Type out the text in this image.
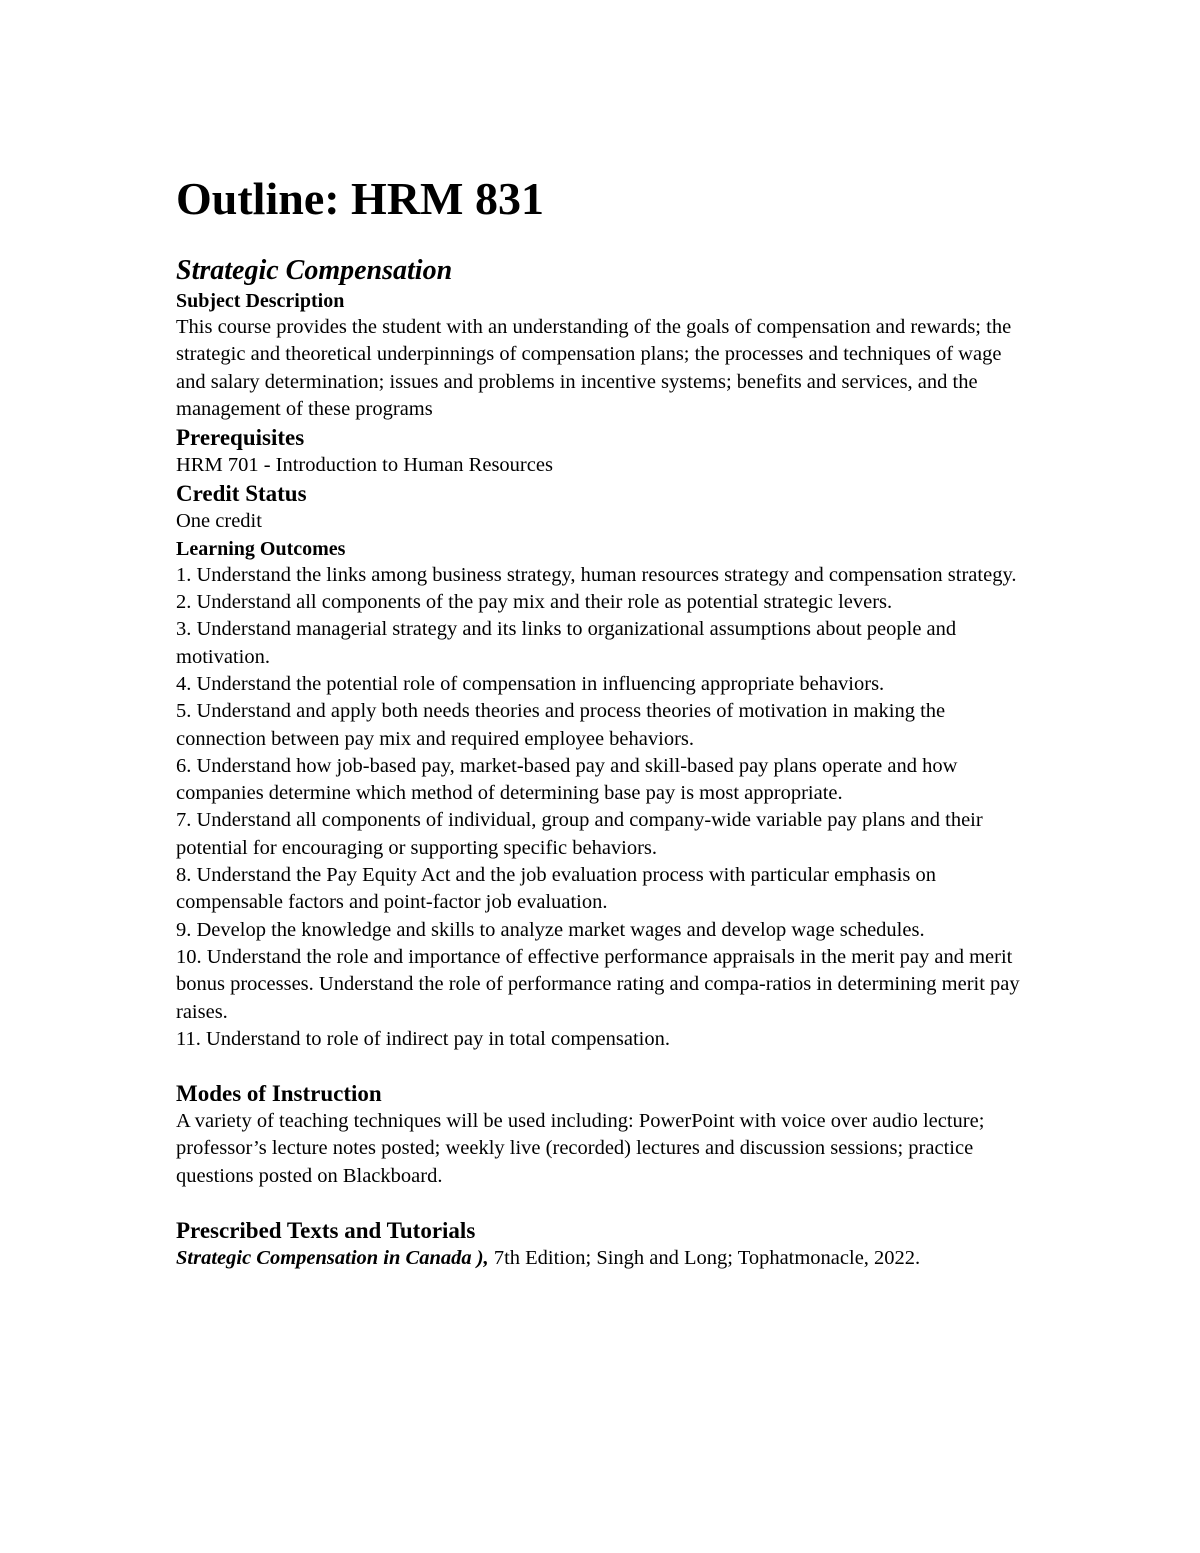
Outline: HRM 831
Strategic Compensation
Subject Description

This course provides the student with an understanding of the goals of compensation and rewards; the strategic and theoretical underpinnings of compensation plans; the processes and techniques of wage and salary determination; issues and problems in incentive systems; benefits and services, and the management of these programs

Prerequisites

HRM 701 - Introduction to Human Resources

Credit Status

One credit

Learning Outcomes
1. Understand the links among business strategy, human resources strategy and compensation strategy.
2. Understand all components of the pay mix and their role as potential strategic levers.
3. Understand managerial strategy and its links to organizational assumptions about people and motivation.
4. Understand the potential role of compensation in influencing appropriate behaviors.
5. Understand and apply both needs theories and process theories of motivation in making the connection between pay mix and required employee behaviors.
6. Understand how job-based pay, market-based pay and skill-based pay plans operate and how companies determine which method of determining base pay is most appropriate.
7. Understand all components of individual, group and company-wide variable pay plans and their potential for encouraging or supporting specific behaviors.
8. Understand the Pay Equity Act and the job evaluation process with particular emphasis on compensable factors and point-factor job evaluation.
9. Develop the knowledge and skills to analyze market wages and develop wage schedules.
10. Understand the role and importance of effective performance appraisals in the merit pay and merit bonus processes. Understand the role of performance rating and compa-ratios in determining merit pay raises.
11. Understand to role of indirect pay in total compensation.
Modes of Instruction

A variety of teaching techniques will be used including: PowerPoint with voice over audio lecture; professor’s lecture notes posted; weekly live (recorded) lectures and discussion sessions; practice questions posted on Blackboard.

Prescribed Texts and Tutorials

Strategic Compensation in Canada ), 7th Edition; Singh and Long; Tophatmonacle, 2022.
